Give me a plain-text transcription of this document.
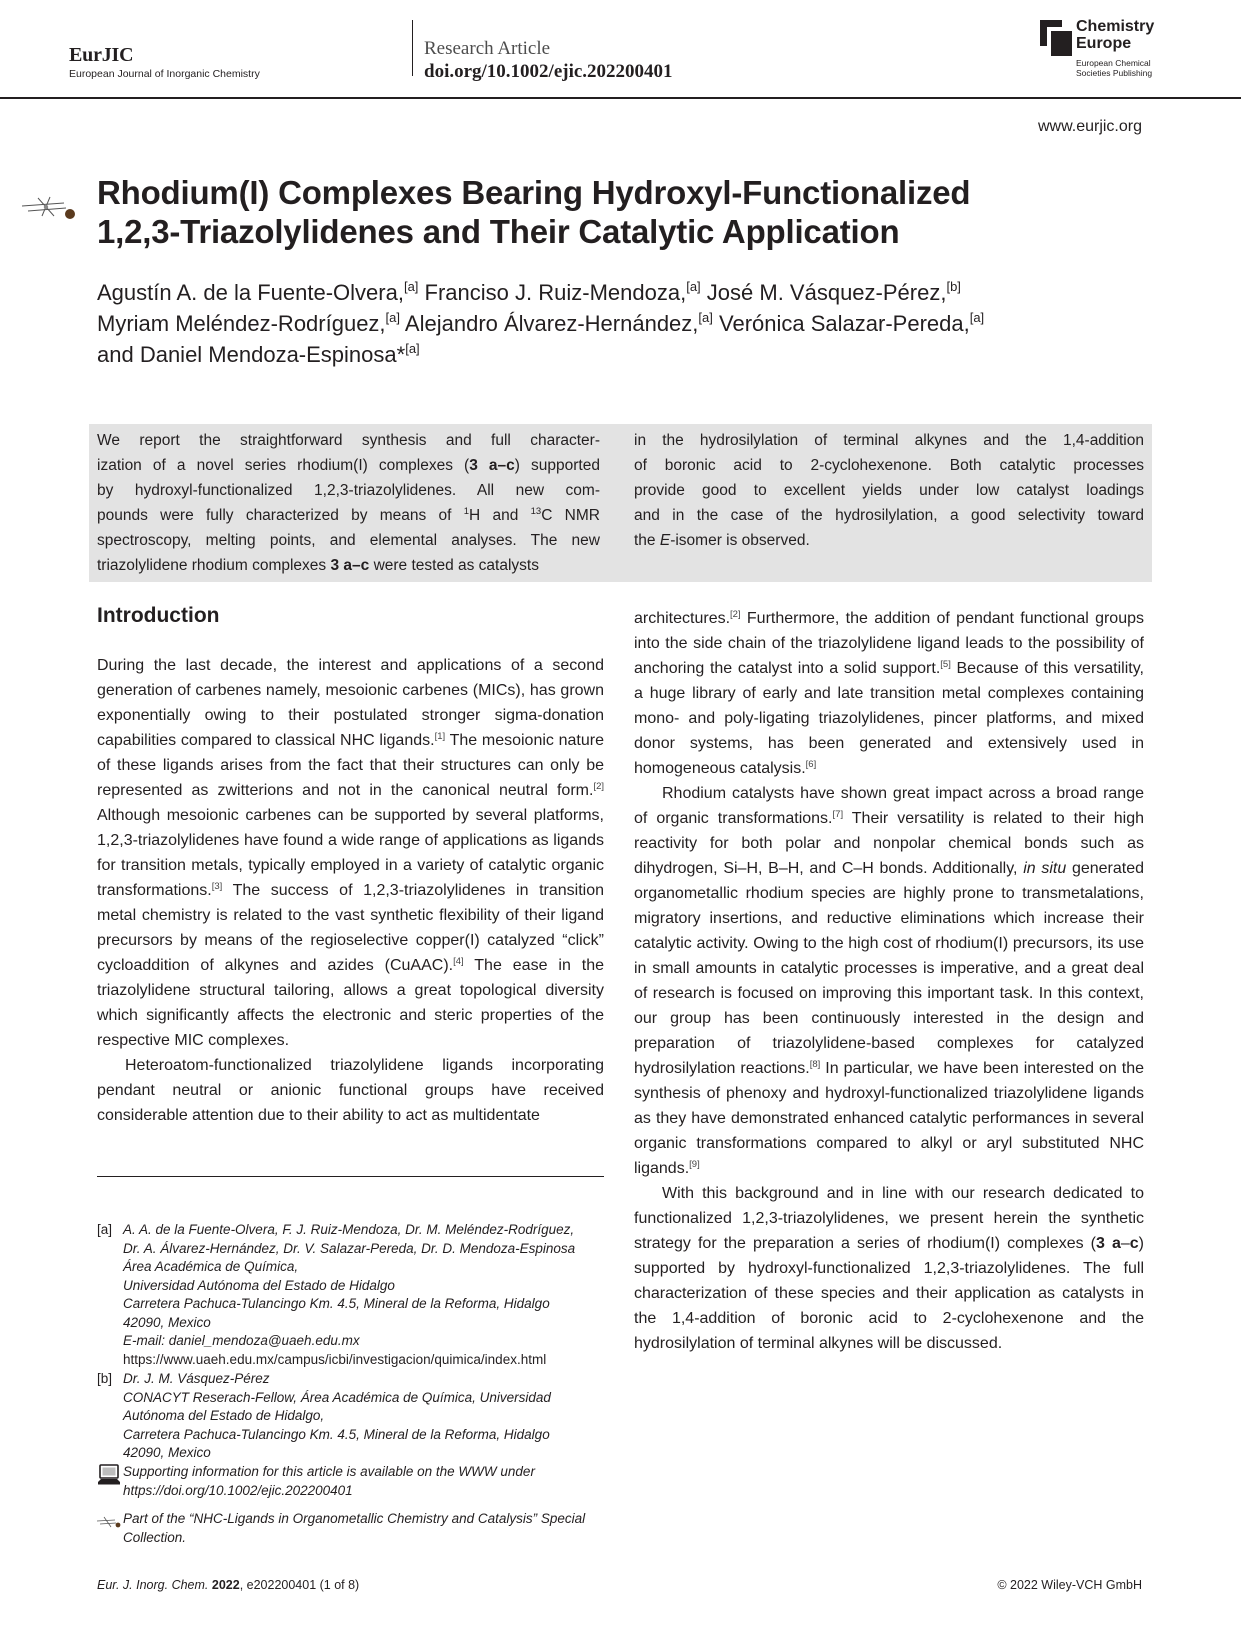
EurJIC
European Journal of Inorganic Chemistry
Research Article
doi.org/10.1002/ejic.202200401
Chemistry
Europe
European Chemical
Societies Publishing
www.eurjic.org
Rhodium(I) Complexes Bearing Hydroxyl-Functionalized
1,2,3-Triazolylidenes and Their Catalytic Application
Agustín A. de la Fuente-Olvera,[a] Franciso J. Ruiz-Mendoza,[a] José M. Vásquez-Pérez,[b]
Myriam Meléndez-Rodríguez,[a] Alejandro Álvarez-Hernández,[a] Verónica Salazar-Pereda,[a]
and Daniel Mendoza-Espinosa*[a]
We report the straightforward synthesis and full character-
ization of a novel series rhodium(I) complexes (3 a–c) supported
by hydroxyl-functionalized 1,2,3-triazolylidenes. All new com-
pounds were fully characterized by means of $^1$H and $^{13}$C NMR
spectroscopy, melting points, and elemental analyses. The new
triazolylidene rhodium complexes 3 a–c were tested as catalysts
in the hydrosilylation of terminal alkynes and the 1,4-addition
of boronic acid to 2-cyclohexenone. Both catalytic processes
provide good to excellent yields under low catalyst loadings
and in the case of the hydrosilylation, a good selectivity toward
the E-isomer is observed.
Introduction

During the last decade, the interest and applications of a second generation of carbenes namely, mesoionic carbenes (MICs), has grown exponentially owing to their postulated stronger sigma-donation capabilities compared to classical NHC ligands.[1] The mesoionic nature of these ligands arises from the fact that their structures can only be represented as zwitterions and not in the canonical neutral form.[2] Although mesoionic carbenes can be supported by several platforms, 1,2,3-triazolylidenes have found a wide range of applications as ligands for transition metals, typically employed in a variety of catalytic organic transformations.[3] The success of 1,2,3-triazolylidenes in transition metal chemistry is related to the vast synthetic flexibility of their ligand precursors by means of the regioselective copper(I) catalyzed “click” cycloaddition of alkynes and azides (CuAAC).[4] The ease in the triazolylidene structural tailoring, allows a great topological diversity which significantly affects the electronic and steric properties of the respective MIC complexes.

Heteroatom-functionalized triazolylidene ligands incorporating pendant neutral or anionic functional groups have received considerable attention due to their ability to act as multidentate

architectures.[2] Furthermore, the addition of pendant functional groups into the side chain of the triazolylidene ligand leads to the possibility of anchoring the catalyst into a solid support.[5] Because of this versatility, a huge library of early and late transition metal complexes containing mono- and poly-ligating triazolylidenes, pincer platforms, and mixed donor systems, has been generated and extensively used in homogeneous catalysis.[6]

Rhodium catalysts have shown great impact across a broad range of organic transformations.[7] Their versatility is related to their high reactivity for both polar and nonpolar chemical bonds such as dihydrogen, Si–H, B–H, and C–H bonds. Additionally, in situ generated organometallic rhodium species are highly prone to transmetalations, migratory insertions, and reductive eliminations which increase their catalytic activity. Owing to the high cost of rhodium(I) precursors, its use in small amounts in catalytic processes is imperative, and a great deal of research is focused on improving this important task. In this context, our group has been continuously interested in the design and preparation of triazolylidene-based complexes for catalyzed hydrosilylation reactions.[8] In particular, we have been interested on the synthesis of phenoxy and hydroxyl-functionalized triazolylidene ligands as they have demonstrated enhanced catalytic performances in several organic transformations compared to alkyl or aryl substituted NHC ligands.[9]

With this background and in line with our research dedicated to functionalized 1,2,3-triazolylidenes, we present herein the synthetic strategy for the preparation a series of rhodium(I) complexes (3 a–c) supported by hydroxyl-functionalized 1,2,3-triazolylidenes. The full characterization of these species and their application as catalysts in the 1,4-addition of boronic acid to 2-cyclohexenone and the hydrosilylation of terminal alkynes will be discussed.

[a] A. A. de la Fuente-Olvera, F. J. Ruiz-Mendoza, Dr. M. Meléndez-Rodríguez,
Dr. A. Álvarez-Hernández, Dr. V. Salazar-Pereda, Dr. D. Mendoza-Espinosa
Área Académica de Química,
Universidad Autónoma del Estado de Hidalgo
Carretera Pachuca-Tulancingo Km. 4.5, Mineral de la Reforma, Hidalgo
42090, Mexico
E-mail: daniel_mendoza@uaeh.edu.mx
https://www.uaeh.edu.mx/campus/icbi/investigacion/quimica/index.html
[b] Dr. J. M. Vásquez-Pérez
CONACYT Reserach-Fellow, Área Académica de Química, Universidad
Autónoma del Estado de Hidalgo,
Carretera Pachuca-Tulancingo Km. 4.5, Mineral de la Reforma, Hidalgo
42090, Mexico
Supporting information for this article is available on the WWW under
https://doi.org/10.1002/ejic.202200401
Part of the “NHC-Ligands in Organometallic Chemistry and Catalysis” Special
Collection.
Eur. J. Inorg. Chem. 2022, e202200401 (1 of 8)	© 2022 Wiley-VCH GmbH
